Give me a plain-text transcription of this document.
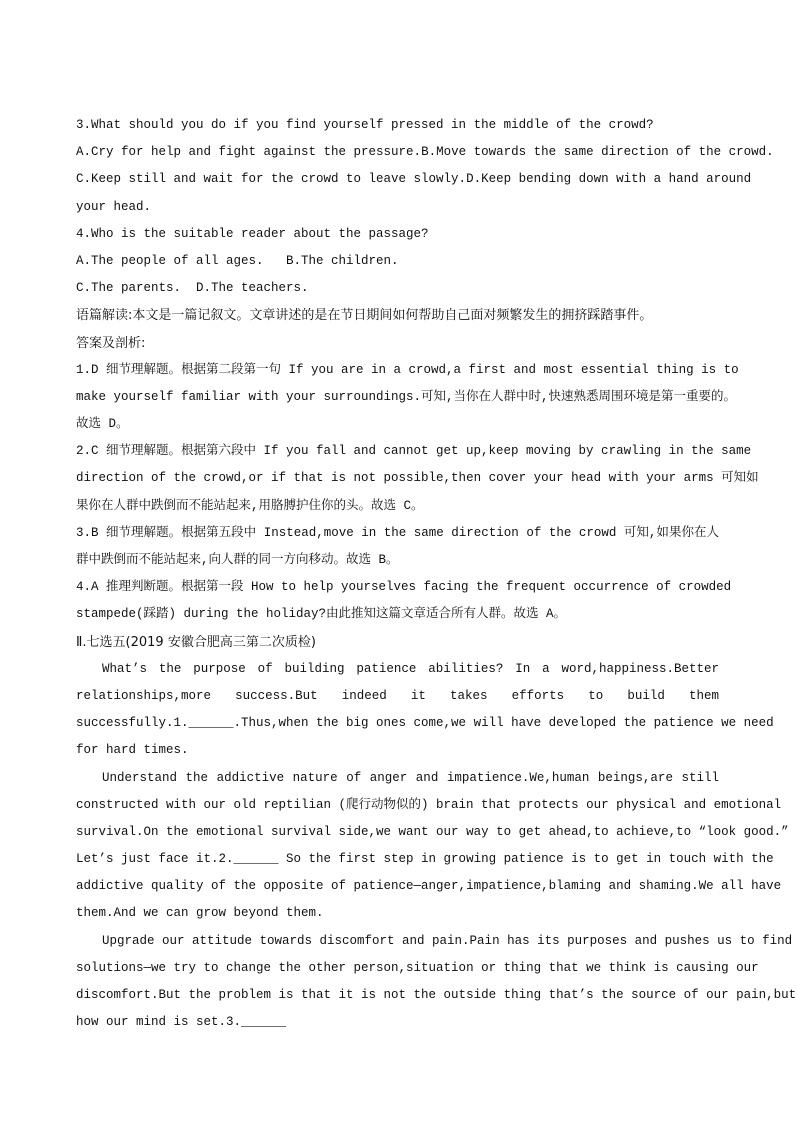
3.What should you do if you find yourself pressed in the middle of the crowd?
A.Cry for help and fight against the pressure. B.Move towards the same direction of the crowd.
C.Keep still and wait for the crowd to leave slowly. D.Keep bending down with a hand around
your head.
4.Who is the suitable reader about the passage?
A.The people of all ages.   B.The children.
C.The parents.  D.The teachers.
语篇解读:本文是一篇记叙文。文章讲述的是在节日期间如何帮助自己面对频繁发生的拥挤踩踏事件。
答案及剖析:
1.D 细节理解题。根据第二段第一句 If you are in a crowd,a first and most essential thing is to
make yourself familiar with your surroundings.可知,当你在人群中时,快速熟悉周围环境是第一重要的。
故选 D。
2.C 细节理解题。根据第六段中 If you fall and cannot get up,keep moving by crawling in the same
direction of the crowd,or if that is not possible,then cover your head with your arms 可知如
果你在人群中跌倒而不能站起来,用胳膊护住你的头。故选 C。
3.B 细节理解题。根据第五段中 Instead,move in the same direction of the crowd 可知,如果你在人
群中跌倒而不能站起来,向人群的同一方向移动。故选 B。
4.A 推理判断题。根据第一段 How to help yourselves facing the frequent occurrence of crowded
stampede(踩踏) during the holiday?由此推知这篇文章适合所有人群。故选 A。
Ⅱ.七选五(2019 安徽合肥高三第二次质检)
What’s the purpose of building patience abilities? In a word,happiness.Better
relationships,more success.But indeed it takes efforts to build them
successfully.1.______.Thus,when the big ones come,we will have developed the patience we need
for hard times.
Understand the addictive nature of anger and impatience.We,human beings,are still
constructed with our old reptilian (爬行动物似的) brain that protects our physical and emotional
survival.On the emotional survival side,we want our way to get ahead,to achieve,to “look good.”
Let’s just face it.2.______ So the first step in growing patience is to get in touch with the
addictive quality of the opposite of patience—anger,impatience,blaming and shaming.We all have
them.And we can grow beyond them.
Upgrade our attitude towards discomfort and pain.Pain has its purposes and pushes us to find
solutions—we try to change the other person,situation or thing that we think is causing our
discomfort.But the problem is that it is not the outside thing that’s the source of our pain,but
how our mind is set.3.______
